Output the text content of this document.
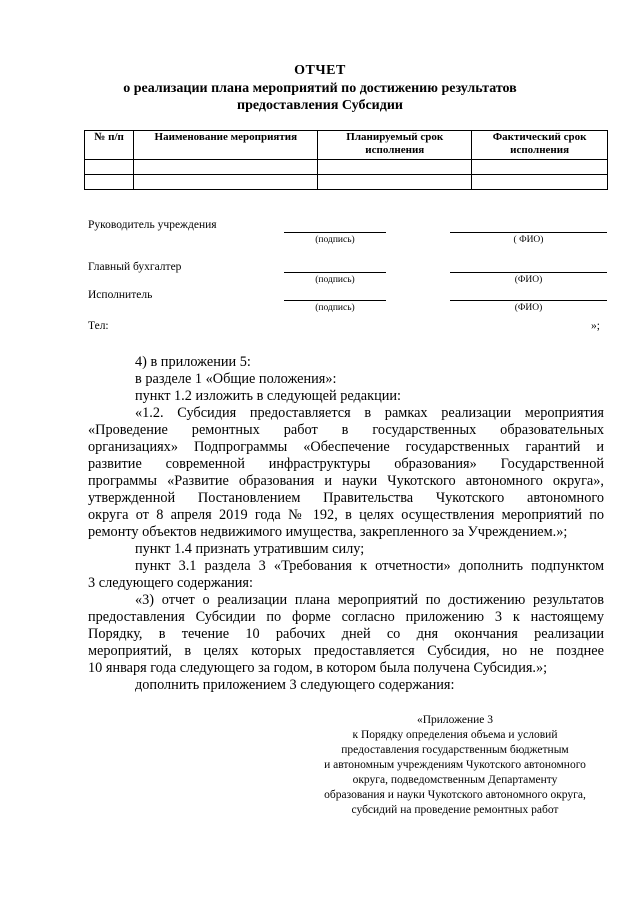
ОТЧЕТ
о реализации плана мероприятий по достижению результатов
предоставления Субсидии
№ п/п	Наименование мероприятия	Планируемый срок исполнения	Фактический срок исполнения

Руководитель учреждения
(подпись)	( ФИО)
Главный бухгалтер
(подпись)	(ФИО)
Исполнитель
(подпись)	(ФИО)
Тел:	»;
4) в приложении 5:
в разделе 1 «Общие положения»:
пункт 1.2 изложить в следующей редакции:
«1.2. Субсидия предоставляется в рамках реализации мероприятия
«Проведение ремонтных работ в государственных образовательных
организациях» Подпрограммы «Обеспечение государственных гарантий и
развитие современной инфраструктуры образования» Государственной
программы «Развитие образования и науки Чукотского автономного округа»,
утвержденной Постановлением Правительства Чукотского автономного
округа от 8 апреля 2019 года № 192, в целях осуществления мероприятий по
ремонту объектов недвижимого имущества, закрепленного за Учреждением.»;
пункт 1.4 признать утратившим силу;
пункт 3.1 раздела 3 «Требования к отчетности» дополнить подпунктом
3 следующего содержания:
«3) отчет о реализации плана мероприятий по достижению результатов
предоставления Субсидии по форме согласно приложению 3 к настоящему
Порядку, в течение 10 рабочих дней со дня окончания реализации
мероприятий, в целях которых предоставляется Субсидия, но не позднее
10 января года следующего за годом, в котором была получена Субсидия.»;
дополнить приложением 3 следующего содержания:
«Приложение 3
к Порядку определения объема и условий
предоставления государственным бюджетным
и автономным учреждениям Чукотского автономного
округа, подведомственным Департаменту
образования и науки Чукотского автономного округа,
субсидий на проведение ремонтных работ
